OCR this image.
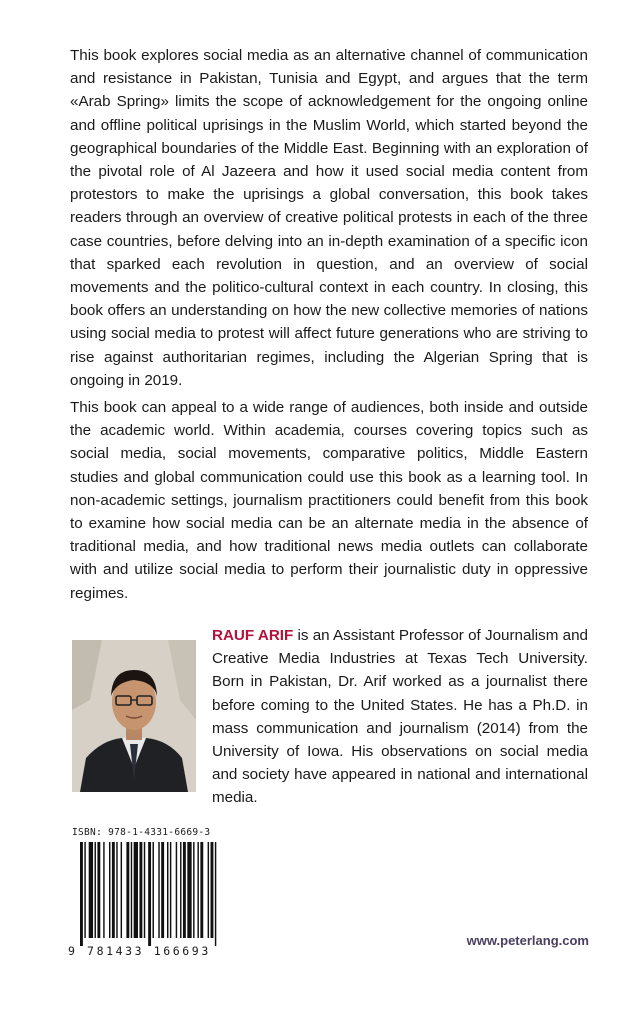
This book explores social media as an alternative channel of communication and resistance in Pakistan, Tunisia and Egypt, and argues that the term «Arab Spring» limits the scope of acknowledgement for the ongoing online and offline political uprisings in the Muslim World, which started beyond the geographical boundaries of the Middle East. Beginning with an exploration of the pivotal role of Al Jazeera and how it used social media content from protestors to make the uprisings a global conversation, this book takes readers through an overview of creative political protests in each of the three case countries, before delving into an in-depth examination of a specific icon that sparked each revolution in question, and an overview of social movements and the politico-cultural context in each country. In closing, this book offers an understanding on how the new collective memories of nations using social media to protest will affect future generations who are striving to rise against authoritarian regimes, including the Algerian Spring that is ongoing in 2019.

This book can appeal to a wide range of audiences, both inside and outside the academic world. Within academia, courses covering topics such as social media, social movements, comparative politics, Middle Eastern studies and global communication could use this book as a learning tool. In non-academic settings, journalism practitioners could benefit from this book to examine how social media can be an alternate media in the absence of traditional media, and how traditional news media outlets can collaborate with and utilize social media to perform their journalistic duty in oppressive regimes.

RAUF ARIF is an Assistant Professor of Journalism and Creative Media Industries at Texas Tech University. Born in Pakistan, Dr. Arif worked as a journalist there before coming to the United States. He has a Ph.D. in mass communication and journalism (2014) from the University of Iowa. His observations on social media and society have appeared in national and international media.

ISBN: 978-1-4331-6669-3
9 781433 166693
www.peterlang.com
